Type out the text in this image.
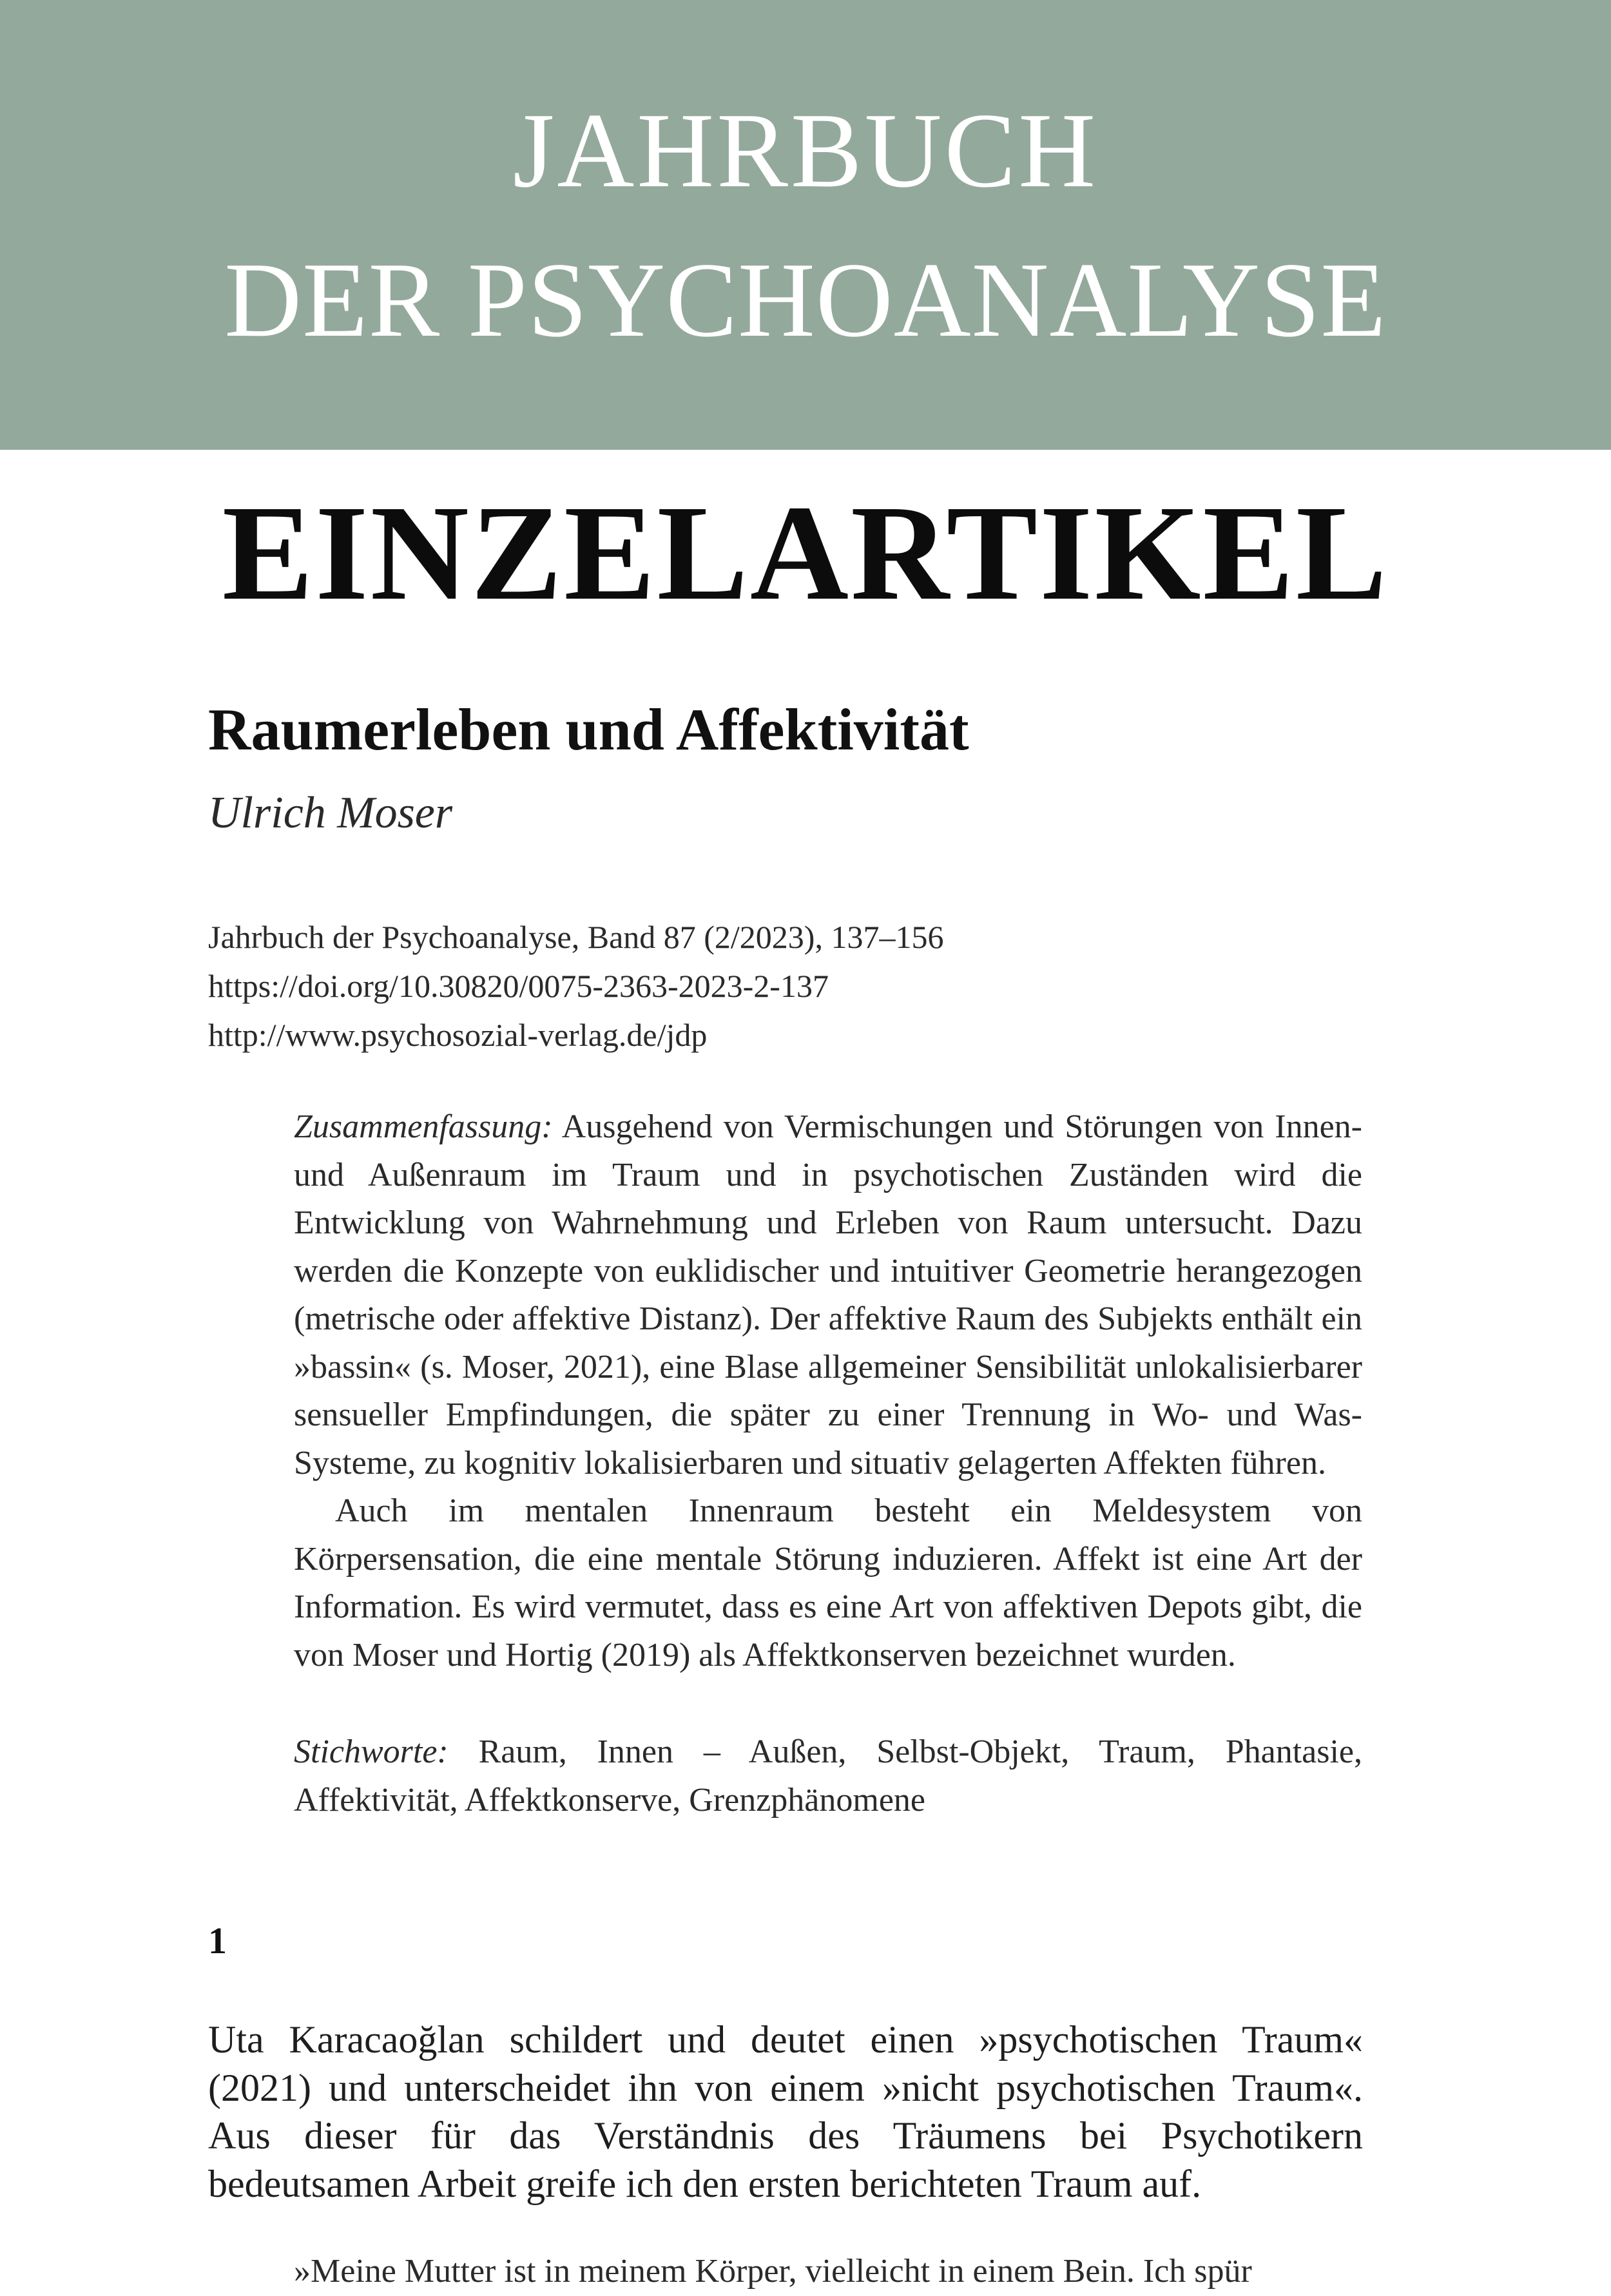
JAHRBUCH
DER PSYCHOANALYSE
EINZELARTIKEL
Raumerleben und Affektivität
Ulrich Moser
Jahrbuch der Psychoanalyse, Band 87 (2/2023), 137–156
https://doi.org/10.30820/0075-2363-2023-2-137
http://www.psychosozial-verlag.de/jdp

Zusammenfassung: Ausgehend von Vermischungen und Störungen von Innen- und Außenraum im Traum und in psychotischen Zuständen wird die Entwicklung von Wahrnehmung und Erleben von Raum untersucht. Dazu werden die Konzepte von euklidischer und intuitiver Geometrie herangezogen (metrische oder affektive Distanz). Der affektive Raum des Subjekts enthält ein »bassin« (s. Moser, 2021), eine Blase allgemeiner Sensibilität unlokalisierbarer sensueller Empfindungen, die später zu einer Trennung in Wo- und Was-Systeme, zu kognitiv lokalisierbaren und situativ gelagerten Affekten führen.

Auch im mentalen Innenraum besteht ein Meldesystem von Körpersensation, die eine mentale Störung induzieren. Affekt ist eine Art der Information. Es wird vermutet, dass es eine Art von affektiven Depots gibt, die von Moser und Hortig (2019) als Affektkonserven bezeichnet wurden.

Stichworte: Raum, Innen – Außen, Selbst-Objekt, Traum, Phantasie, Affektivität, Affektkonserve, Grenzphänomene
1

Uta Karacaoğlan schildert und deutet einen »psychotischen Traum« (2021) und unterscheidet ihn von einem »nicht psychotischen Traum«. Aus dieser für das Verständnis des Träumens bei Psychotikern bedeutsamen Arbeit greife ich den ersten berichteten Traum auf.

»Meine Mutter ist in meinem Körper, vielleicht in einem Bein. Ich spür
